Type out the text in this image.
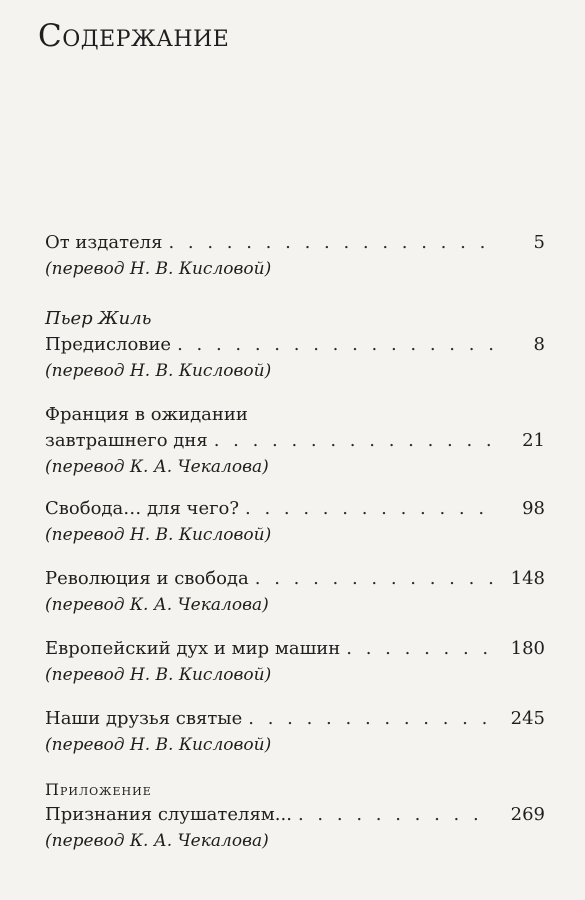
Содержание
От издателя . . .	5
(перевод Н. В. Кисловой)
Пьер Жиль
Предисловие . . .	8
(перевод Н. В. Кисловой)
Франция в ожидании
завтрашнего дня . . .	21
(перевод К. А. Чекалова)
Свобода… для чего? . . .	98
(перевод Н. В. Кисловой)
Революция и свобода . . .	148
(перевод К. А. Чекалова)
Европейский дух и мир машин . . .	180
(перевод Н. В. Кисловой)
Наши друзья святые . . .	245
(перевод Н. В. Кисловой)
Приложение
Признания слушателям... . . .	269
(перевод К. А. Чекалова)
